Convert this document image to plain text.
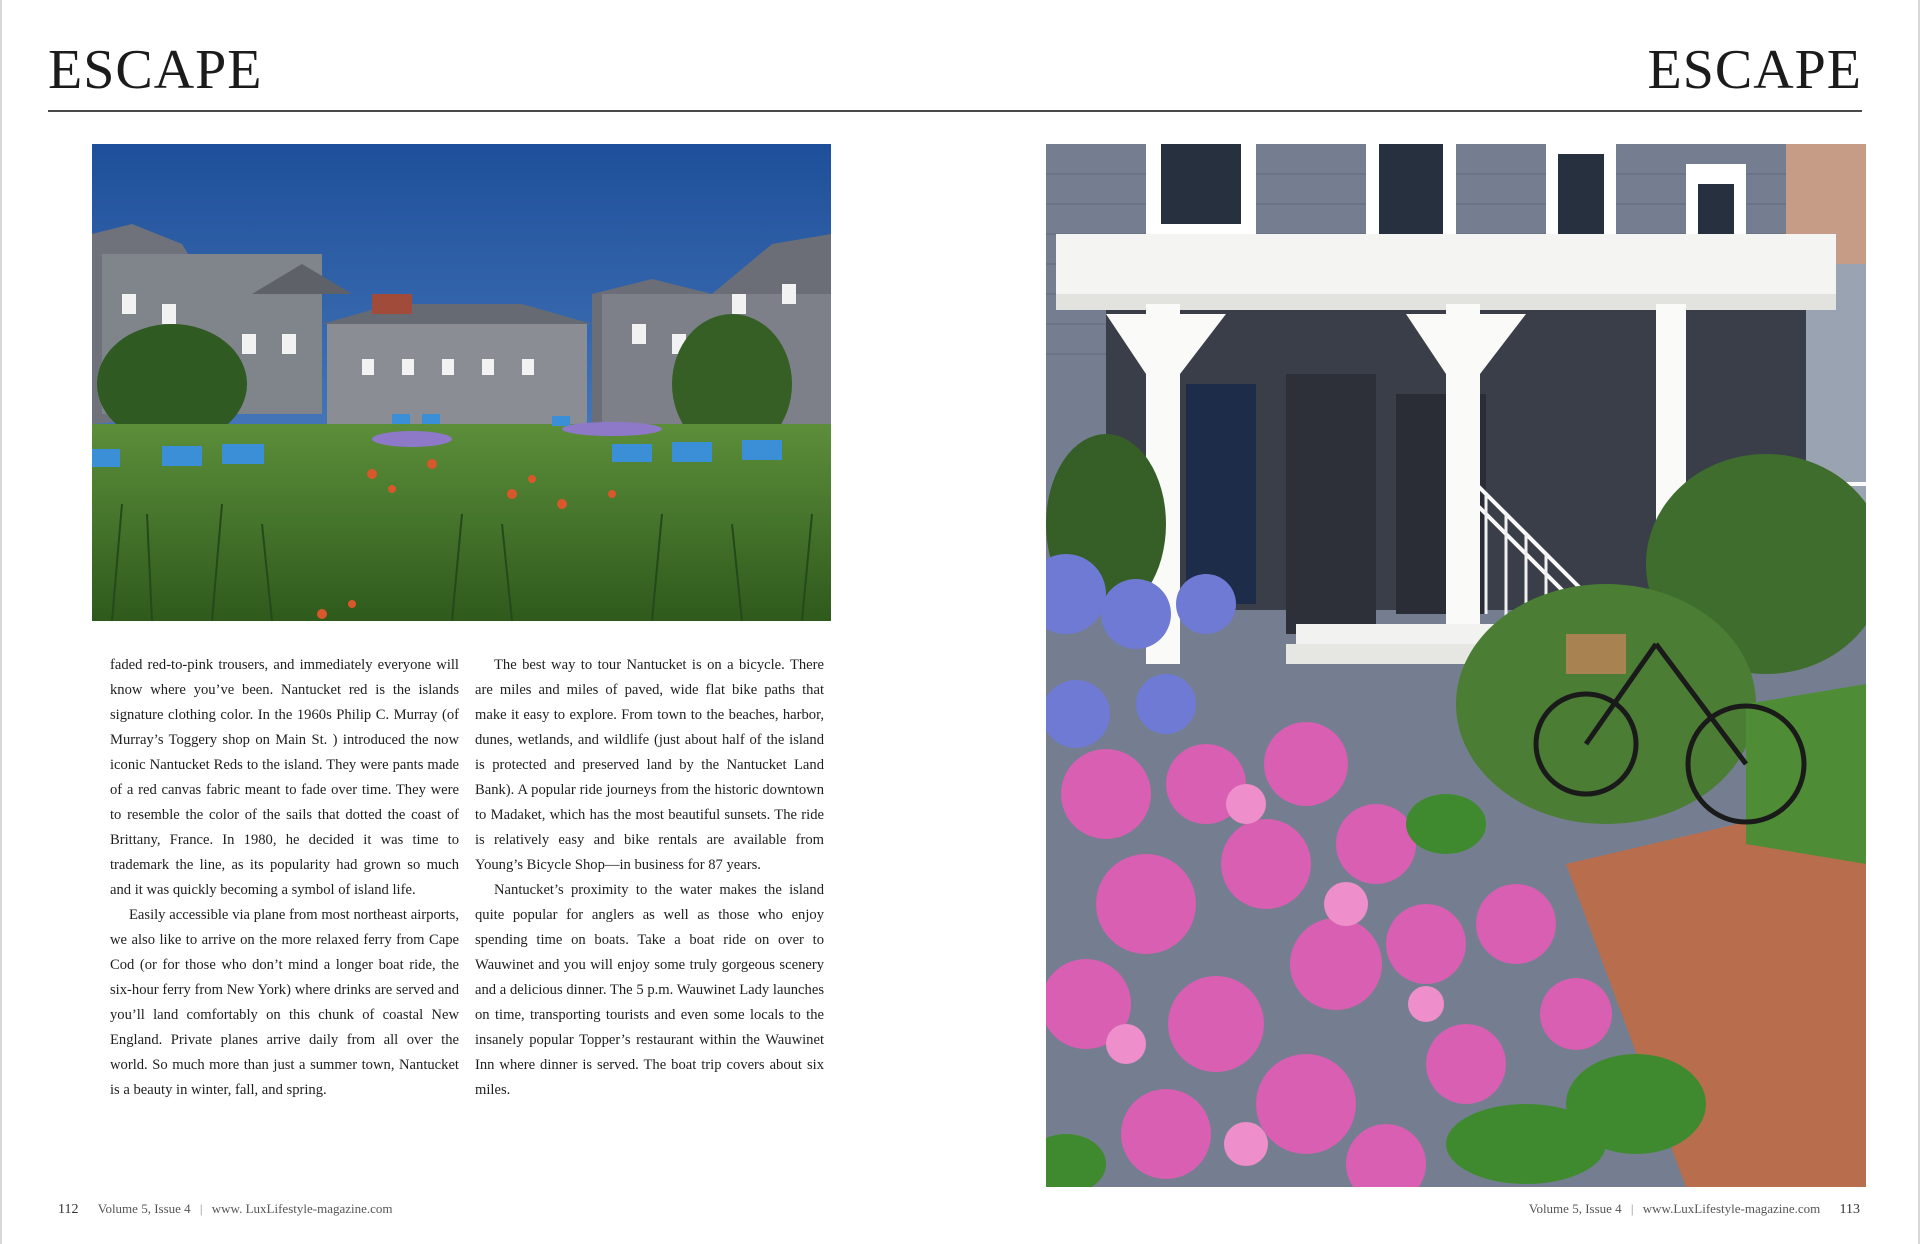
ESCAPE	ESCAPE

faded red-to-pink trousers, and immediately everyone will know where you’ve been. Nantucket red is the islands signature clothing color. In the 1960s Philip C. Murray (of Murray’s Toggery shop on Main St. ) introduced the now iconic Nantucket Reds to the island. They were pants made of a red canvas fabric meant to fade over time. They were to resemble the color of the sails that dotted the coast of Brittany, France. In 1980, he decided it was time to trademark the line, as its popularity had grown so much and it was quickly becoming a symbol of island life.

Easily accessible via plane from most northeast airports, we also like to arrive on the more relaxed ferry from Cape Cod (or for those who don’t mind a longer boat ride, the six-hour ferry from New York) where drinks are served and you’ll land comfortably on this chunk of coastal New England. Private planes arrive daily from all over the world. So much more than just a summer town, Nantucket is a beauty in winter, fall, and spring.

The best way to tour Nantucket is on a bicycle. There are miles and miles of paved, wide flat bike paths that make it easy to explore. From town to the beaches, harbor, dunes, wetlands, and wildlife (just about half of the island is protected and preserved land by the Nantucket Land Bank). A popular ride journeys from the historic downtown to Madaket, which has the most beautiful sunsets. The ride is relatively easy and bike rentals are available from Young’s Bicycle Shop—in business for 87 years.

Nantucket’s proximity to the water makes the island quite popular for anglers as well as those who enjoy spending time on boats. Take a boat ride on over to Wauwinet and you will enjoy some truly gorgeous scenery and a delicious dinner. The 5 p.m. Wauwinet Lady launches on time, transporting tourists and even some locals to the insanely popular Topper’s restaurant within the Wauwinet Inn where dinner is served. The boat trip covers about six miles.

112 Volume 5, Issue 4 | www. LuxLifestyle-magazine.com	Volume 5, Issue 4 | www.LuxLifestyle-magazine.com 113
